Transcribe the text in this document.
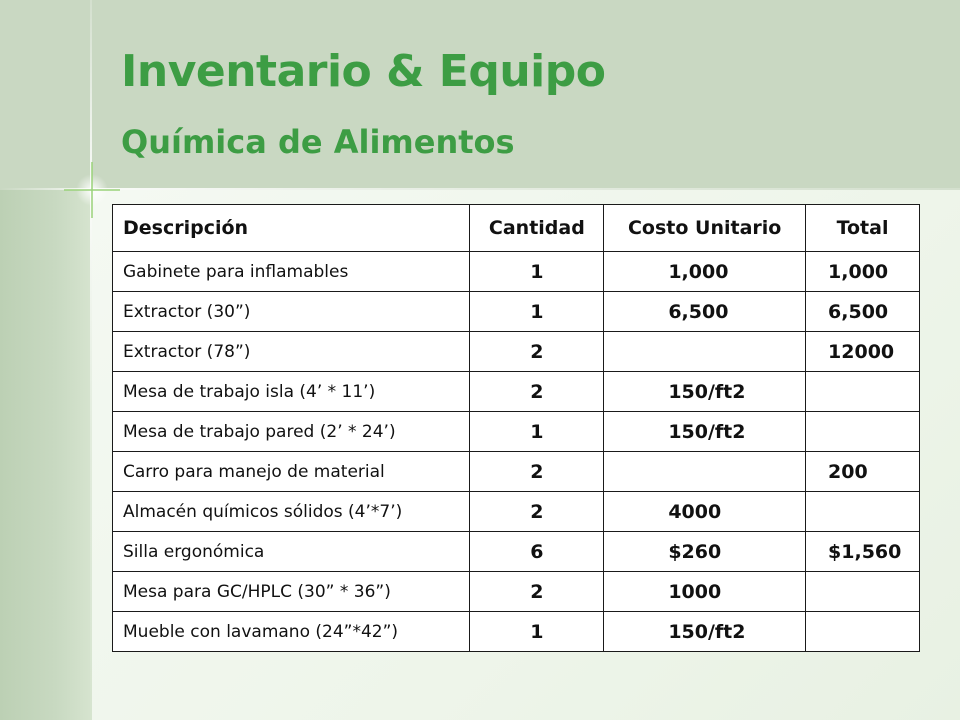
Inventario & Equipo
Química de Alimentos
Descripción	Cantidad	Costo Unitario	Total
Gabinete para inflamables	1	1,000	1,000
Extractor (30”)	1	6,500	6,500
Extractor (78”)	2		12000
Mesa de trabajo isla (4’ * 11’)	2	150/ft2	
Mesa de trabajo pared (2’ * 24’)	1	150/ft2	
Carro para manejo de material	2		200
Almacén químicos sólidos (4’*7’)	2	4000	
Silla ergonómica	6	$260	$1,560
Mesa para GC/HPLC (30” * 36”)	2	1000	
Mueble con lavamano (24”*42”)	1	150/ft2	
